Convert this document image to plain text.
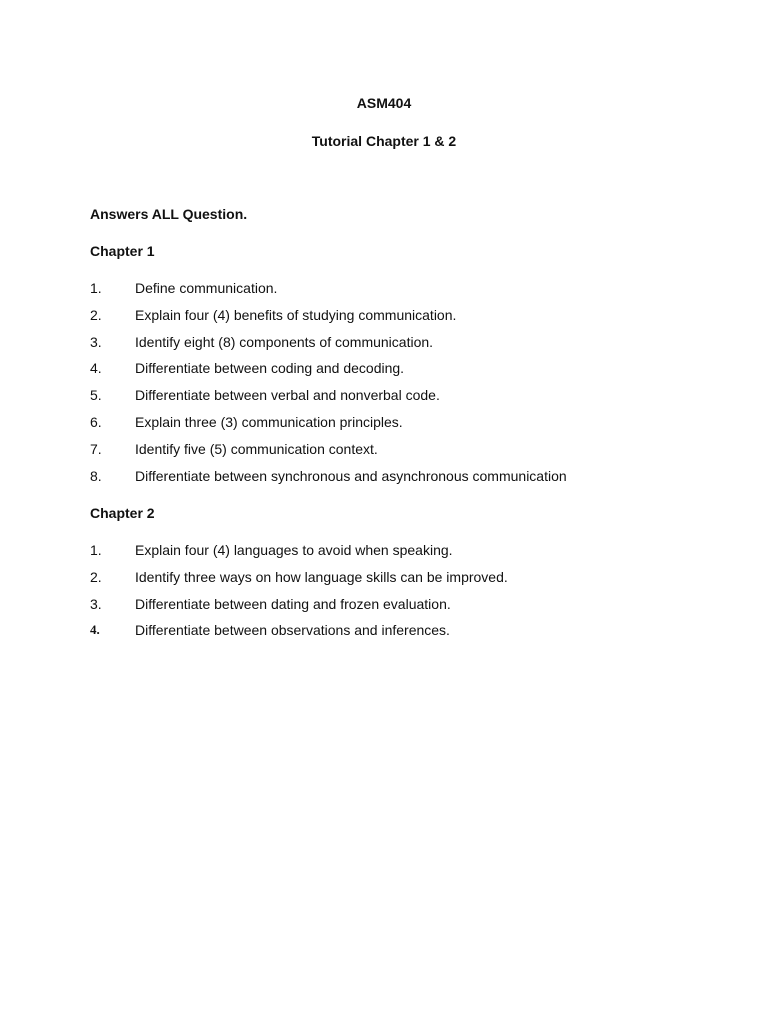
ASM404
Tutorial Chapter 1 & 2
Answers ALL Question.
Chapter 1
1.	Define communication.
2.	Explain four (4) benefits of studying communication.
3.	Identify eight (8) components of communication.
4.	Differentiate between coding and decoding.
5.	Differentiate between verbal and nonverbal code.
6.	Explain three (3) communication principles.
7.	Identify five (5) communication context.
8.	Differentiate between synchronous and asynchronous communication
Chapter 2
1.	Explain four (4) languages to avoid when speaking.
2.	Identify three ways on how language skills can be improved.
3.	Differentiate between dating and frozen evaluation.
4.	Differentiate between observations and inferences.
